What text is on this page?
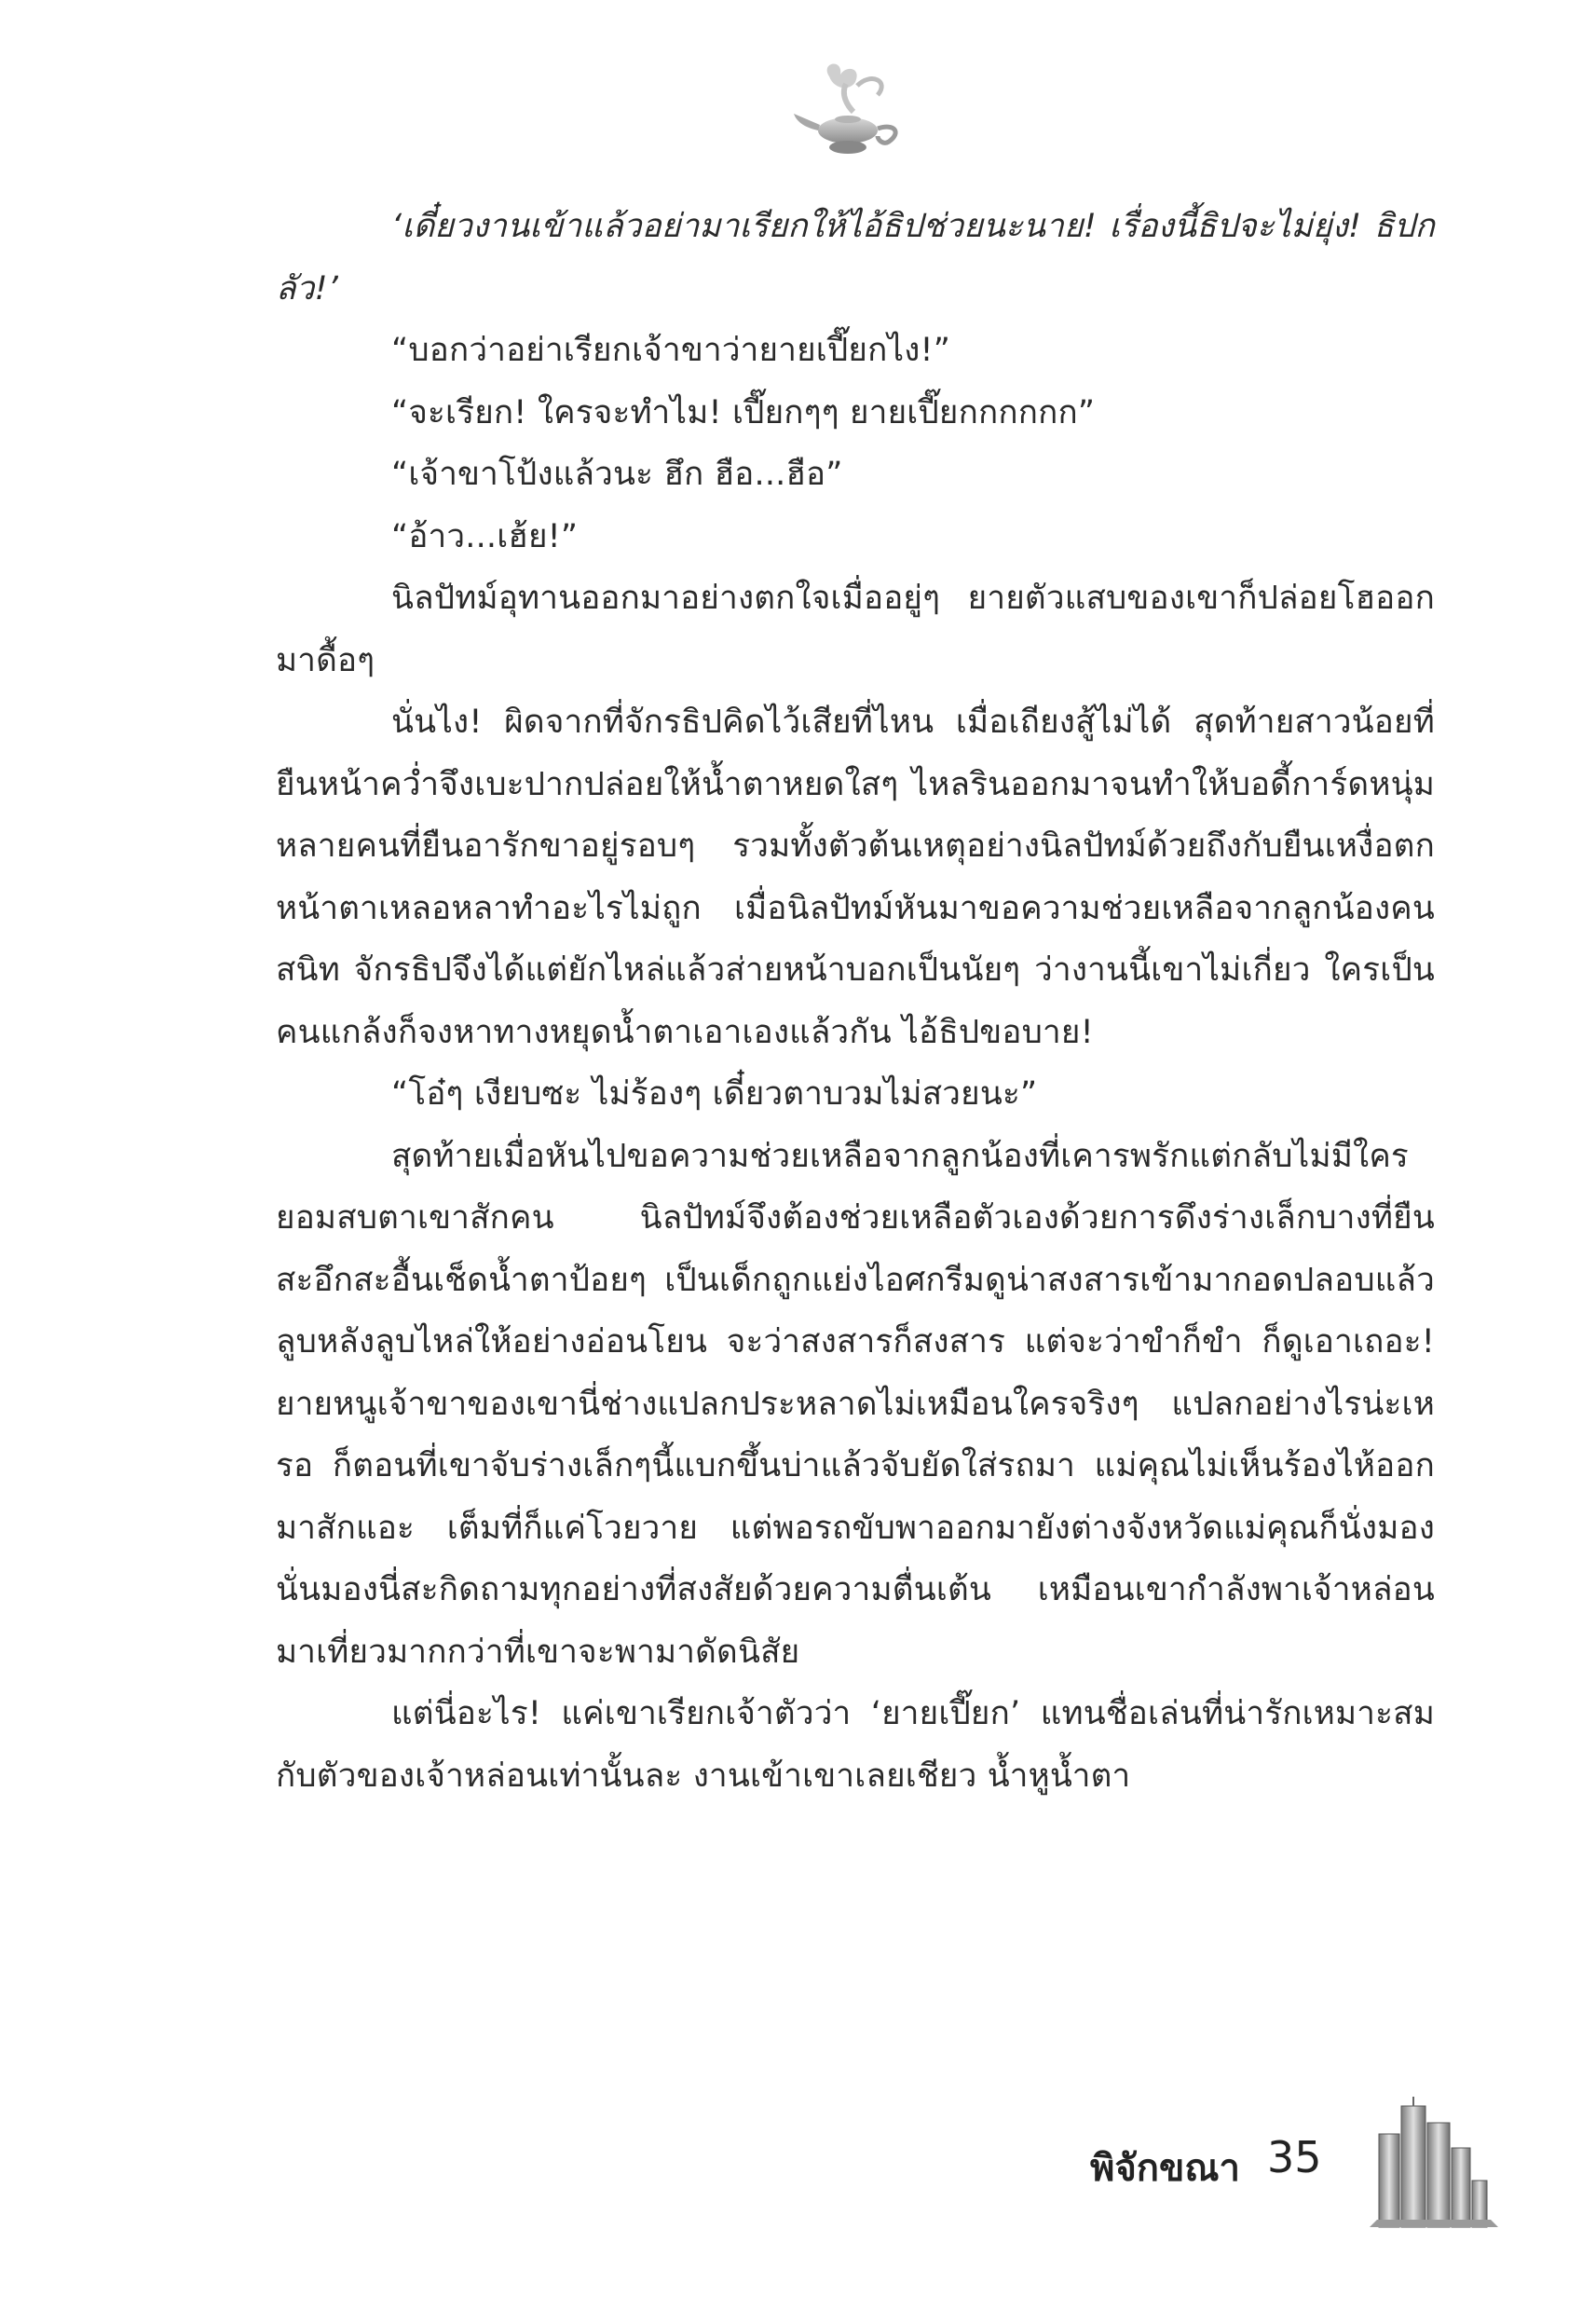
‘เดี๋ยวงานเข้าแล้วอย่ามาเรียกให้ไอ้ธิปช่วยนะนาย! เรื่องนี้ธิปจะไม่ยุ่ง! ธิปกลัว!’

“บอกว่าอย่าเรียกเจ้าขาว่ายายเปี๊ยกไง!”

“จะเรียก! ใครจะทำไม! เปี๊ยกๆๆ ยายเปี๊ยกกกกกก”

“เจ้าขาโป้งแล้วนะ ฮึก ฮือ...ฮือ”

“อ้าว...เฮ้ย!”

นิลปัทม์อุทานออกมาอย่างตกใจเมื่ออยู่ๆ ยายตัวแสบของเขาก็ปล่อยโฮออกมาดื้อๆ

นั่นไง! ผิดจากที่จักรธิปคิดไว้เสียที่ไหน เมื่อเถียงสู้ไม่ได้ สุดท้ายสาวน้อยที่ยืนหน้าคว่ำจึงเบะปากปล่อยให้น้ำตาหยดใสๆ ไหลรินออกมาจนทำให้บอดี้การ์ดหนุ่มหลายคนที่ยืนอารักขาอยู่รอบๆ รวมทั้งตัวต้นเหตุอย่างนิลปัทม์ด้วยถึงกับยืนเหงื่อตกหน้าตาเหลอหลาทำอะไรไม่ถูก เมื่อนิลปัทม์หันมาขอความช่วยเหลือจากลูกน้องคนสนิท จักรธิปจึงได้แต่ยักไหล่แล้วส่ายหน้าบอกเป็นนัยๆ ว่างานนี้เขาไม่เกี่ยว ใครเป็นคนแกล้งก็จงหาทางหยุดน้ำตาเอาเองแล้วกัน ไอ้ธิปขอบาย!

“โอ๋ๆ เงียบซะ ไม่ร้องๆ เดี๋ยวตาบวมไม่สวยนะ”

สุดท้ายเมื่อหันไปขอความช่วยเหลือจากลูกน้องที่เคารพรักแต่กลับไม่มีใครยอมสบตาเขาสักคน นิลปัทม์จึงต้องช่วยเหลือตัวเองด้วยการดึงร่างเล็กบางที่ยืนสะอึกสะอื้นเช็ดน้ำตาป้อยๆ เป็นเด็กถูกแย่งไอศกรีมดูน่าสงสารเข้ามากอดปลอบแล้วลูบหลังลูบไหล่ให้อย่างอ่อนโยน จะว่าสงสารก็สงสาร แต่จะว่าขำก็ขำ ก็ดูเอาเถอะ! ยายหนูเจ้าขาของเขานี่ช่างแปลกประหลาดไม่เหมือนใครจริงๆ แปลกอย่างไรน่ะเหรอ ก็ตอนที่เขาจับร่างเล็กๆนี้แบกขึ้นบ่าแล้วจับยัดใส่รถมา แม่คุณไม่เห็นร้องไห้ออกมาสักแอะ เต็มที่ก็แค่โวยวาย แต่พอรถขับพาออกมายังต่างจังหวัดแม่คุณก็นั่งมองนั่นมองนี่สะกิดถามทุกอย่างที่สงสัยด้วยความตื่นเต้น เหมือนเขากำลังพาเจ้าหล่อนมาเที่ยวมากกว่าที่เขาจะพามาดัดนิสัย

แต่นี่อะไร! แค่เขาเรียกเจ้าตัวว่า ‘ยายเปี๊ยก’ แทนชื่อเล่นที่น่ารักเหมาะสมกับตัวของเจ้าหล่อนเท่านั้นละ งานเข้าเขาเลยเชียว น้ำหูน้ำตา

พิจักขณา 35
